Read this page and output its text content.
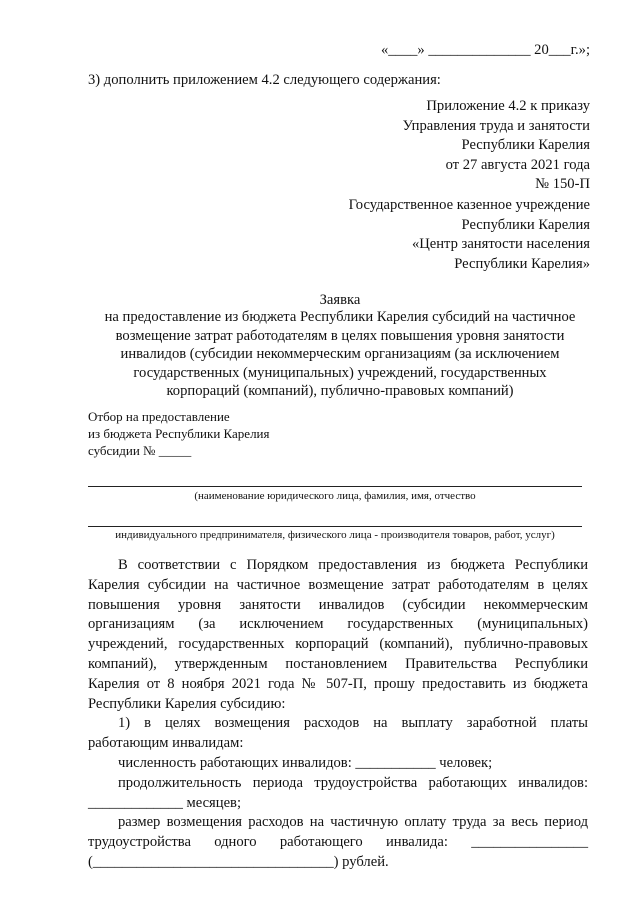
«____» ______________ 20___г.»;
3) дополнить приложением 4.2 следующего содержания:
Приложение 4.2 к приказу
Управления труда и занятости
Республики Карелия
от 27 августа 2021 года
№ 150-П
Государственное казенное учреждение
Республики Карелия
«Центр занятости населения
Республики Карелия»
Заявка
на предоставление из бюджета Республики Карелия субсидий на частичное
возмещение затрат работодателям в целях повышения уровня занятости
инвалидов (субсидии некоммерческим организациям (за исключением
государственных (муниципальных) учреждений, государственных
корпораций (компаний), публично-правовых компаний)
Отбор на предоставление
из бюджета Республики Карелия
субсидии № _____
(наименование юридического лица, фамилия, имя, отчество
индивидуального предпринимателя, физического лица - производителя товаров, работ, услуг)
В соответствии с Порядком предоставления из бюджета Республики
Карелия субсидии на частичное возмещение затрат работодателям в целях
повышения уровня занятости инвалидов (субсидии некоммерческим
организациям (за исключением государственных (муниципальных)
учреждений, государственных корпораций (компаний), публично-правовых
компаний), утвержденным постановлением Правительства Республики
Карелия от 8 ноября 2021 года № 507-П, прошу предоставить из бюджета
Республики Карелия субсидию:
1) в целях возмещения расходов на выплату заработной платы
работающим инвалидам:
численность работающих инвалидов: ___________ человек;
продолжительность периода трудоустройства работающих инвалидов:
_____________ месяцев;
размер возмещения расходов на частичную оплату труда за весь период
трудоустройства одного работающего инвалида: ________________
(_________________________________) рублей.
